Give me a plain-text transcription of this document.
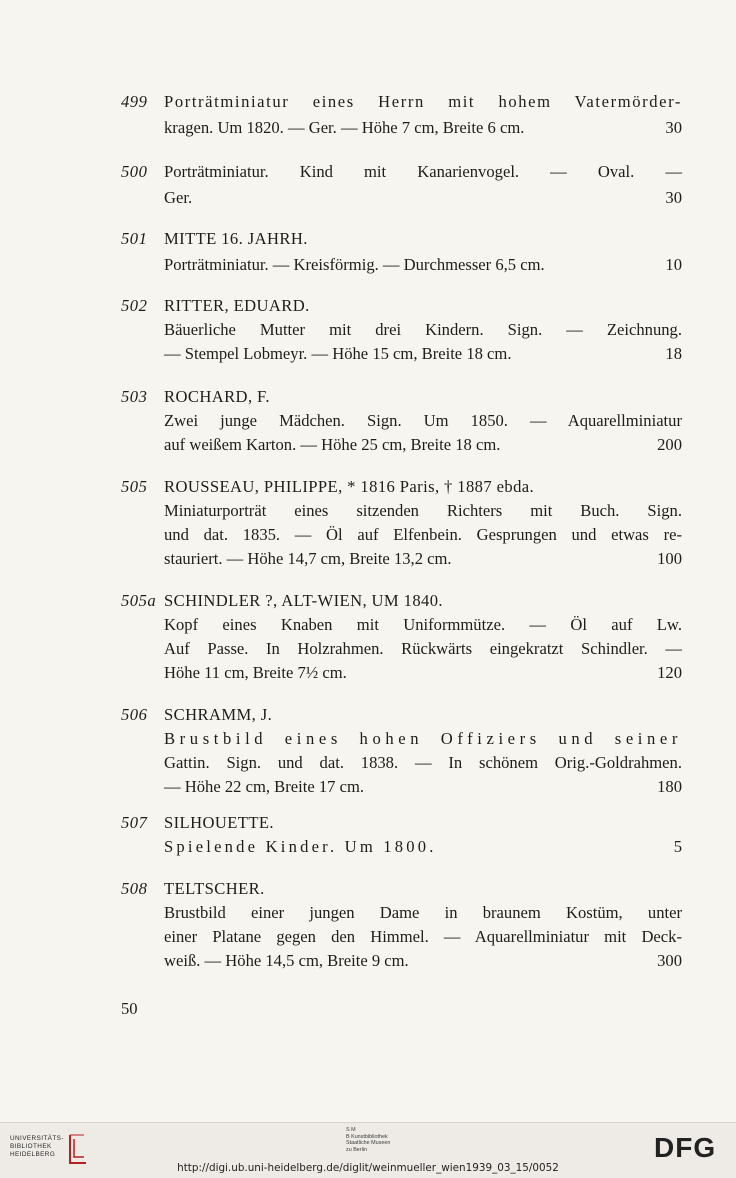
499	Porträtminiatur eines Herrn mit hohem Vatermörder-
kragen. Um 1820. — Ger. — Höhe 7 cm, Breite 6 cm.	30
500	Porträtminiatur. Kind mit Kanarienvogel. — Oval. —
Ger.	30
501	MITTE 16. JAHRH.
Porträtminiatur. — Kreisförmig. — Durchmesser 6,5 cm.	10
502	RITTER, EDUARD.
Bäuerliche Mutter mit drei Kindern. Sign. — Zeichnung.
— Stempel Lobmeyr. — Höhe 15 cm, Breite 18 cm.	18
503	ROCHARD, F.
Zwei junge Mädchen. Sign. Um 1850. — Aquarellminiatur
auf weißem Karton. — Höhe 25 cm, Breite 18 cm.	200
505	ROUSSEAU, PHILIPPE, * 1816 Paris, † 1887 ebda.
Miniaturporträt eines sitzenden Richters mit Buch. Sign.
und dat. 1835. — Öl auf Elfenbein. Gesprungen und etwas re-
stauriert. — Höhe 14,7 cm, Breite 13,2 cm.	100
505a SCHINDLER ?, ALT-WIEN, UM 1840.
Kopf eines Knaben mit Uniformmütze. — Öl auf Lw.
Auf Passe. In Holzrahmen. Rückwärts eingekratzt Schindler. —
Höhe 11 cm, Breite 7½ cm.	120
506	SCHRAMM, J.
Brustbild eines hohen Offiziers und seiner
Gattin. Sign. und dat. 1838. — In schönem Orig.-Goldrahmen.
— Höhe 22 cm, Breite 17 cm.	180
507	SILHOUETTE.
Spielende Kinder. Um 1800.	5
508	TELTSCHER.
Brustbild einer jungen Dame in braunem Kostüm, unter
einer Platane gegen den Himmel. — Aquarellminiatur mit Deck-
weiß. — Höhe 14,5 cm, Breite 9 cm.	300
50
UNIVERSITÄTS-
BIBLIOTHEK
HEIDELBERG
S M
B Kunstbibliothek
Staatliche Museen
zu Berlin
http://digi.ub.uni-heidelberg.de/diglit/weinmueller_wien1939_03_15/0052
DFG
